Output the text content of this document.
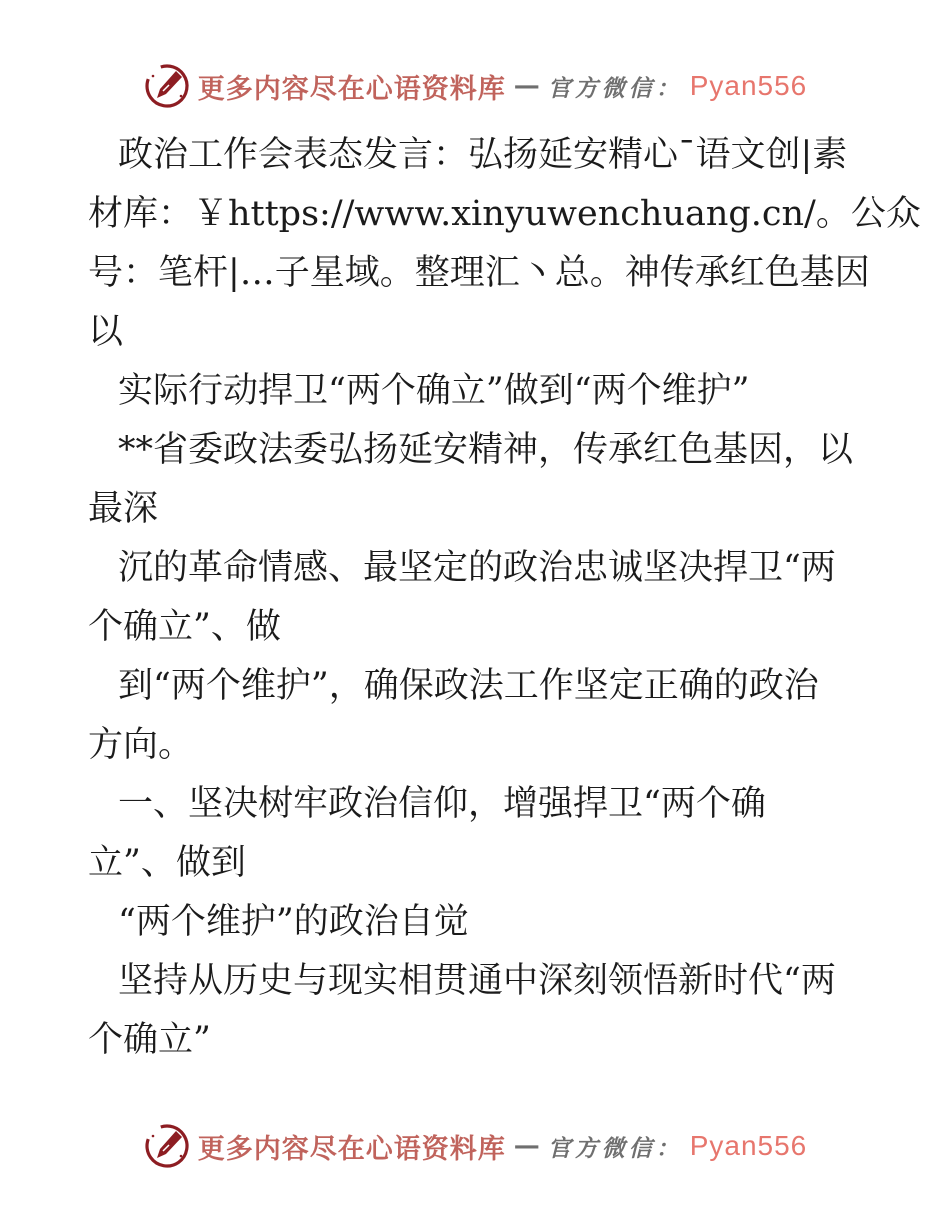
更多内容尽在心语资料库 — 官方微信： Pyan556
政治工作会表态发言：弘扬延安精心ˉ语文创|素
材库：￥https://www.xinyuwenchuang.cn/。公众
号：笔杆|…子星域。整理汇丶总。神传承红色基因
以
实际行动捍卫“两个确立”做到“两个维护”
**省委政法委弘扬延安精神，传承红色基因，以
最深
沉的革命情感、最坚定的政治忠诚坚决捍卫“两
个确立”、做
到“两个维护”，确保政法工作坚定正确的政治
方向。
一、坚决树牢政治信仰，增强捍卫“两个确
立”、做到
“两个维护”的政治自觉
坚持从历史与现实相贯通中深刻领悟新时代“两
个确立”
更多内容尽在心语资料库 — 官方微信： Pyan556
